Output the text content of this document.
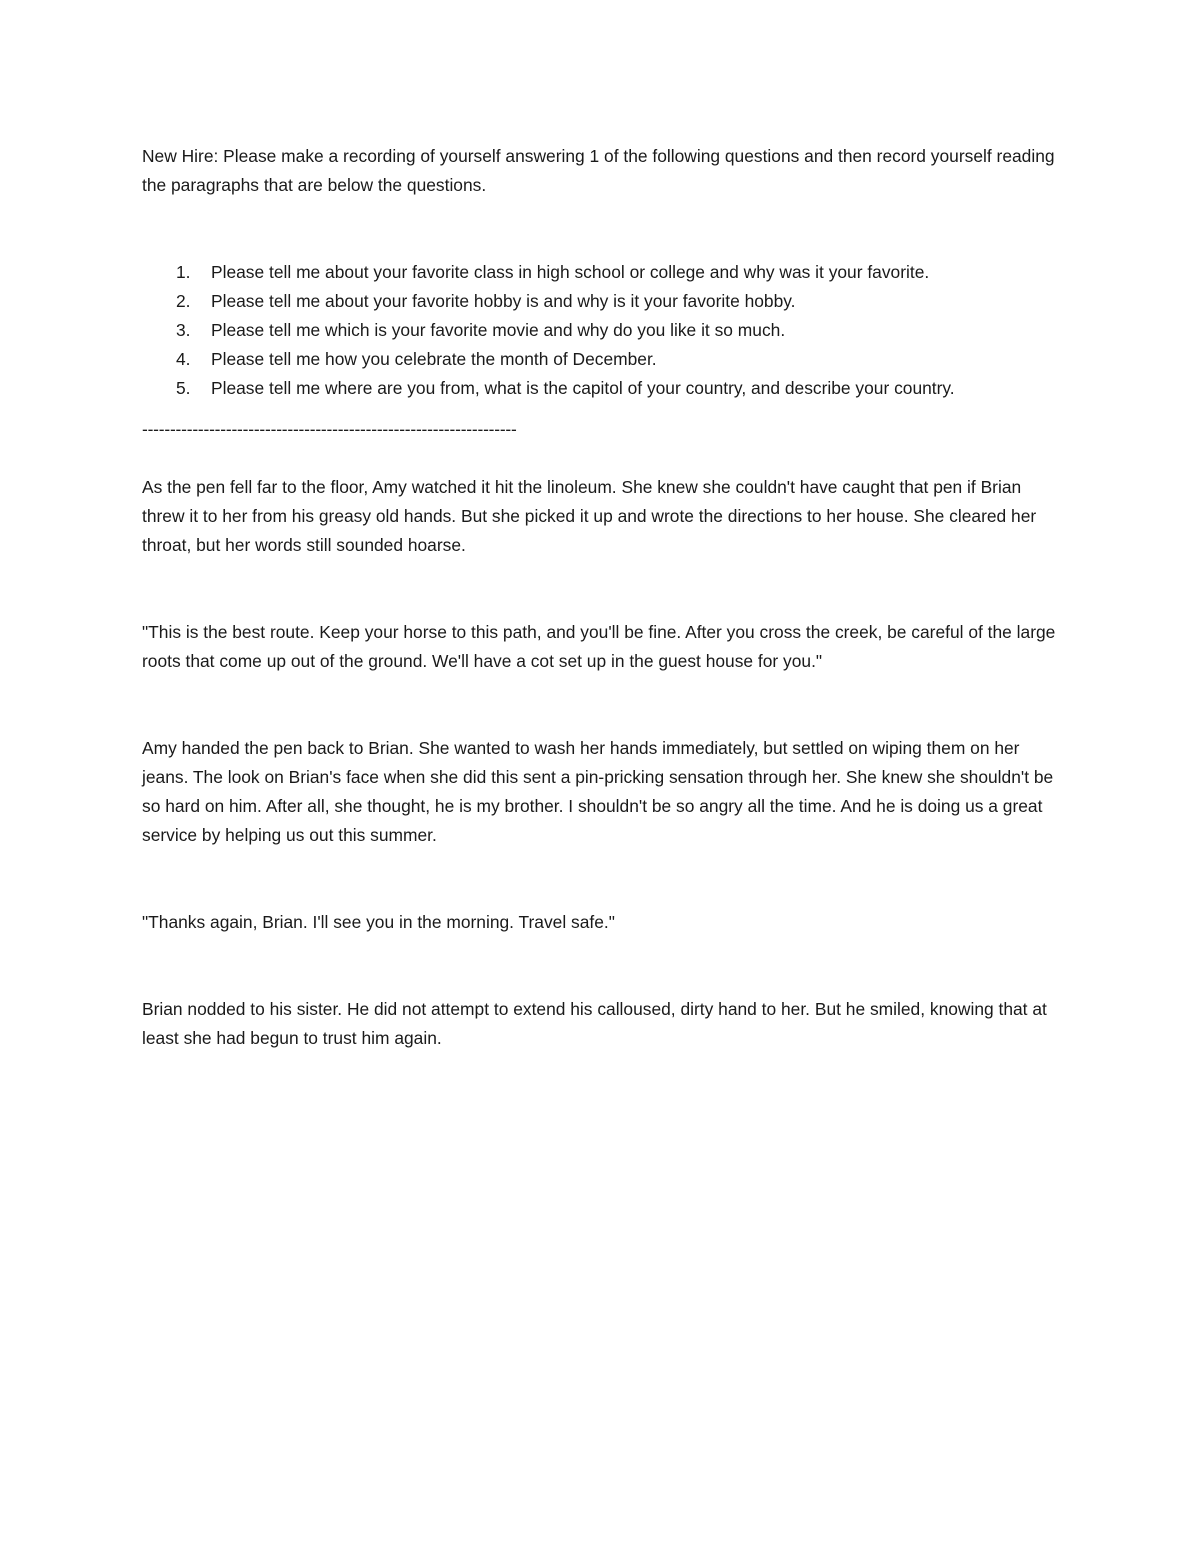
New Hire: Please make a recording of yourself answering 1 of the following questions and then record yourself reading the paragraphs that are below the questions.

Please tell me about your favorite class in high school or college and why was it your favorite.
Please tell me about your favorite hobby is and why is it your favorite hobby.
Please tell me which is your favorite movie and why do you like it so much.
Please tell me how you celebrate the month of December.
Please tell me where are you from, what is the capitol of your country, and describe your country.
-------------------------------------------------------------------

As the pen fell far to the floor, Amy watched it hit the linoleum. She knew she couldn't have caught that pen if Brian threw it to her from his greasy old hands. But she picked it up and wrote the directions to her house. She cleared her throat, but her words still sounded hoarse.

"This is the best route. Keep your horse to this path, and you'll be fine. After you cross the creek, be careful of the large roots that come up out of the ground. We'll have a cot set up in the guest house for you."

Amy handed the pen back to Brian. She wanted to wash her hands immediately, but settled on wiping them on her jeans. The look on Brian's face when she did this sent a pin-pricking sensation through her. She knew she shouldn't be so hard on him. After all, she thought, he is my brother. I shouldn't be so angry all the time. And he is doing us a great service by helping us out this summer.

"Thanks again, Brian. I'll see you in the morning. Travel safe."

Brian nodded to his sister. He did not attempt to extend his calloused, dirty hand to her. But he smiled, knowing that at least she had begun to trust him again.
